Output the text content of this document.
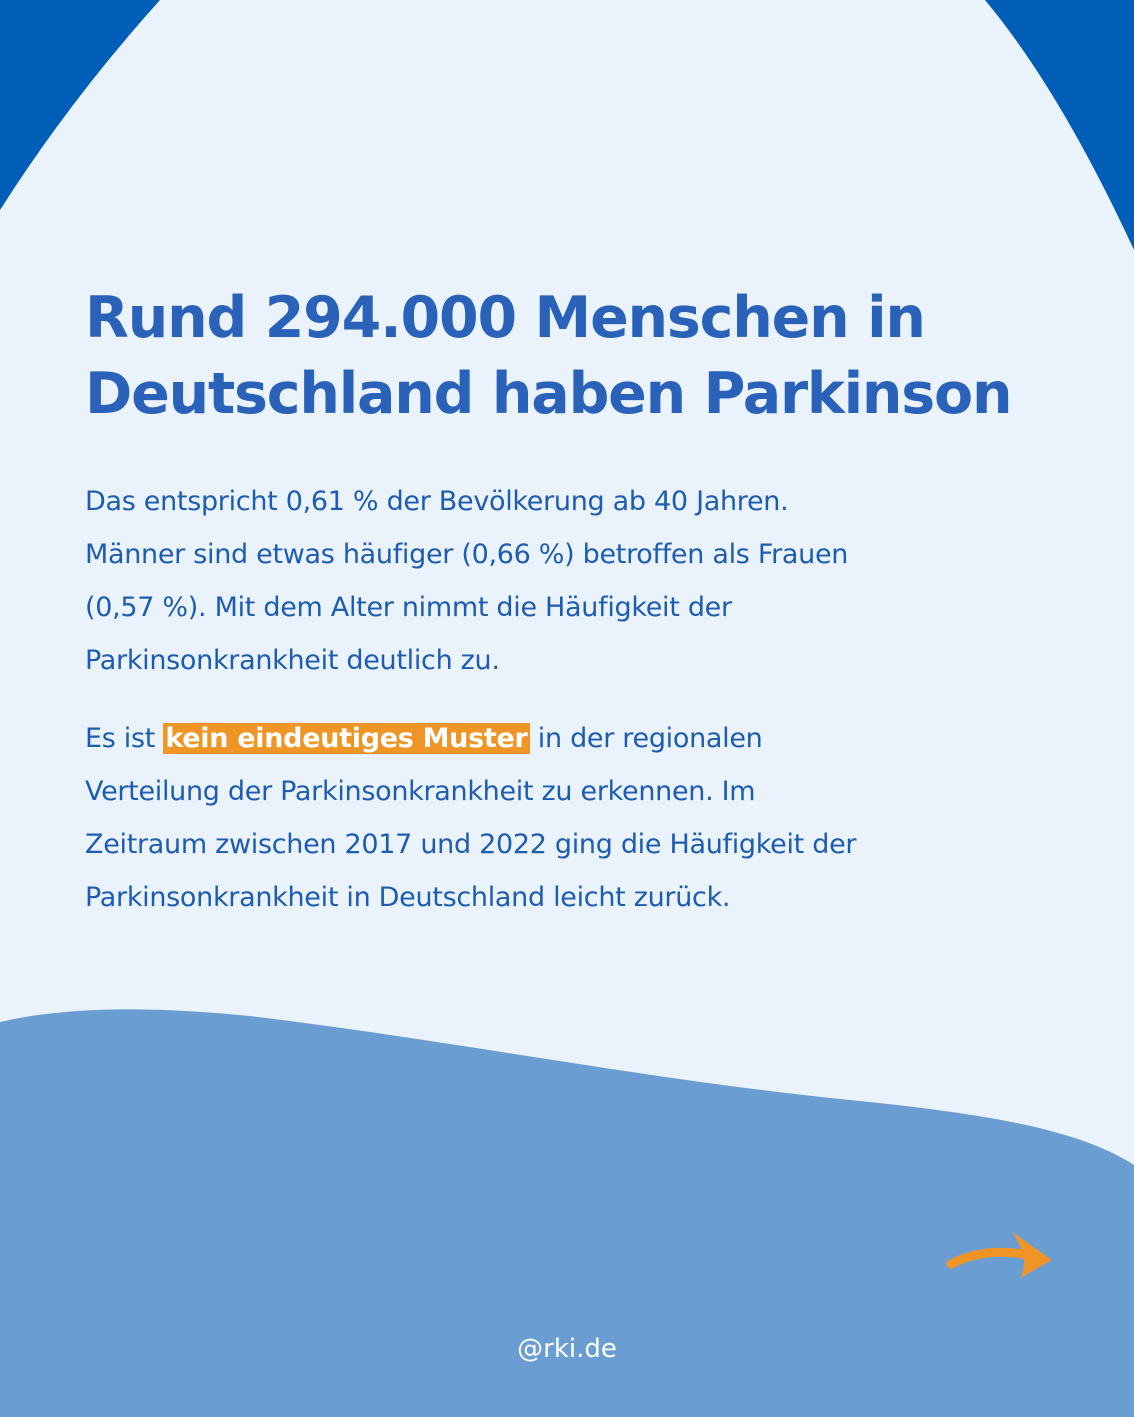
Rund 294.000 Menschen in
Deutschland haben Parkinson

Das entspricht 0,61 % der Bevölkerung ab 40 Jahren.
Männer sind etwas häufiger (0,66 %) betroffen als Frauen
(0,57 %). Mit dem Alter nimmt die Häufigkeit der
Parkinsonkrankheit deutlich zu.

Es ist kein eindeutiges Muster in der regionalen
Verteilung der Parkinsonkrankheit zu erkennen. Im
Zeitraum zwischen 2017 und 2022 ging die Häufigkeit der
Parkinsonkrankheit in Deutschland leicht zurück.

@rki.de
